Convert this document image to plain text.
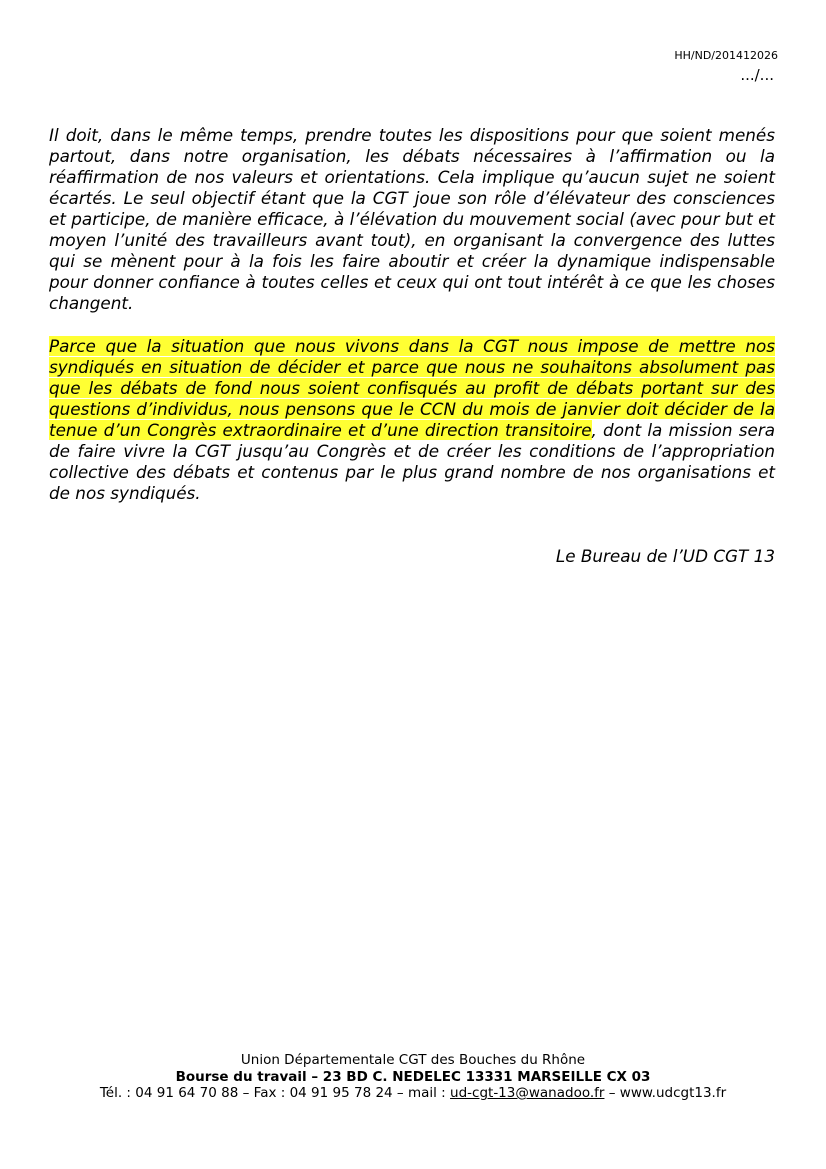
HH/ND/201412026
.../...

Il doit, dans le même temps, prendre toutes les dispositions pour que soient menés partout, dans notre organisation, les débats nécessaires à l’affirmation ou la réaffirmation de nos valeurs et orientations. Cela implique qu’aucun sujet ne soient écartés. Le seul objectif étant que la CGT joue son rôle d’élévateur des consciences et participe, de manière efficace, à l’élévation du mouvement social (avec pour but et moyen l’unité des travailleurs avant tout), en organisant la convergence des luttes qui se mènent pour à la fois les faire aboutir et créer la dynamique indispensable pour donner confiance à toutes celles et ceux qui ont tout intérêt à ce que les choses changent.

Parce que la situation que nous vivons dans la CGT nous impose de mettre nos syndiqués en situation de décider et parce que nous ne souhaitons absolument pas que les débats de fond nous soient confisqués au profit de débats portant sur des questions d’individus, nous pensons que le CCN du mois de janvier doit décider de la tenue d’un Congrès extraordinaire et d’une direction transitoire, dont la mission sera de faire vivre la CGT jusqu’au Congrès et de créer les conditions de l’appropriation collective des débats et contenus par le plus grand nombre de nos organisations et de nos syndiqués.

Le Bureau de l’UD CGT 13
Union Départementale CGT des Bouches du Rhône
Bourse du travail – 23 BD C. NEDELEC 13331 MARSEILLE CX 03
Tél. : 04 91 64 70 88 – Fax : 04 91 95 78 24 – mail : ud-cgt-13@wanadoo.fr – www.udcgt13.fr
